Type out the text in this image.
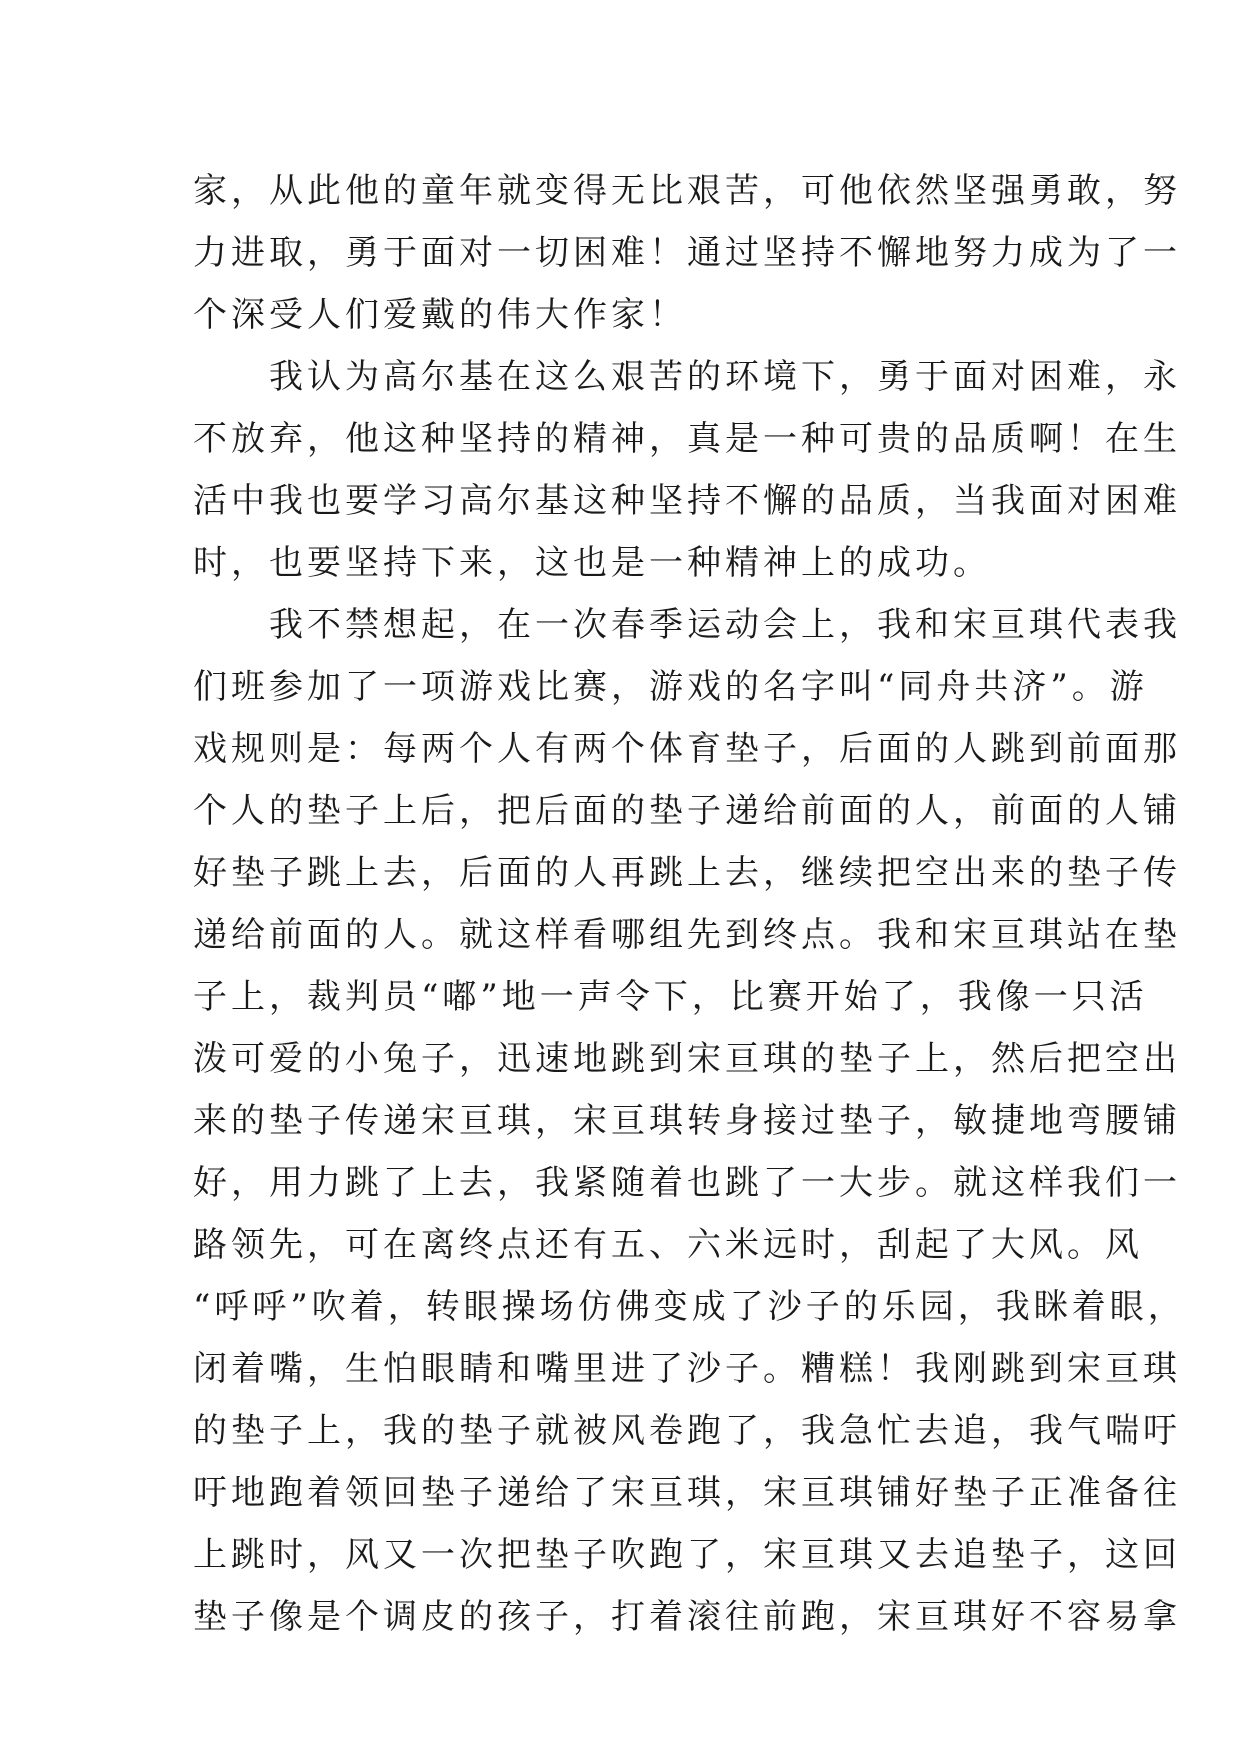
家，从此他的童年就变得无比艰苦，可他依然坚强勇敢，努
力进取，勇于面对一切困难！通过坚持不懈地努力成为了一
个深受人们爱戴的伟大作家！
我认为高尔基在这么艰苦的环境下，勇于面对困难，永
不放弃，他这种坚持的精神，真是一种可贵的品质啊！在生
活中我也要学习高尔基这种坚持不懈的品质，当我面对困难
时，也要坚持下来，这也是一种精神上的成功。
我不禁想起，在一次春季运动会上，我和宋亘琪代表我
们班参加了一项游戏比赛，游戏的名字叫“同舟共济”。游
戏规则是：每两个人有两个体育垫子，后面的人跳到前面那
个人的垫子上后，把后面的垫子递给前面的人，前面的人铺
好垫子跳上去，后面的人再跳上去，继续把空出来的垫子传
递给前面的人。就这样看哪组先到终点。我和宋亘琪站在垫
子上，裁判员“嘟”地一声令下，比赛开始了，我像一只活
泼可爱的小兔子，迅速地跳到宋亘琪的垫子上，然后把空出
来的垫子传递宋亘琪，宋亘琪转身接过垫子，敏捷地弯腰铺
好，用力跳了上去，我紧随着也跳了一大步。就这样我们一
路领先，可在离终点还有五、六米远时，刮起了大风。风
“呼呼”吹着，转眼操场仿佛变成了沙子的乐园，我眯着眼，
闭着嘴，生怕眼睛和嘴里进了沙子。糟糕！我刚跳到宋亘琪
的垫子上，我的垫子就被风卷跑了，我急忙去追，我气喘吁
吁地跑着领回垫子递给了宋亘琪，宋亘琪铺好垫子正准备往
上跳时，风又一次把垫子吹跑了，宋亘琪又去追垫子，这回
垫子像是个调皮的孩子，打着滚往前跑，宋亘琪好不容易拿
